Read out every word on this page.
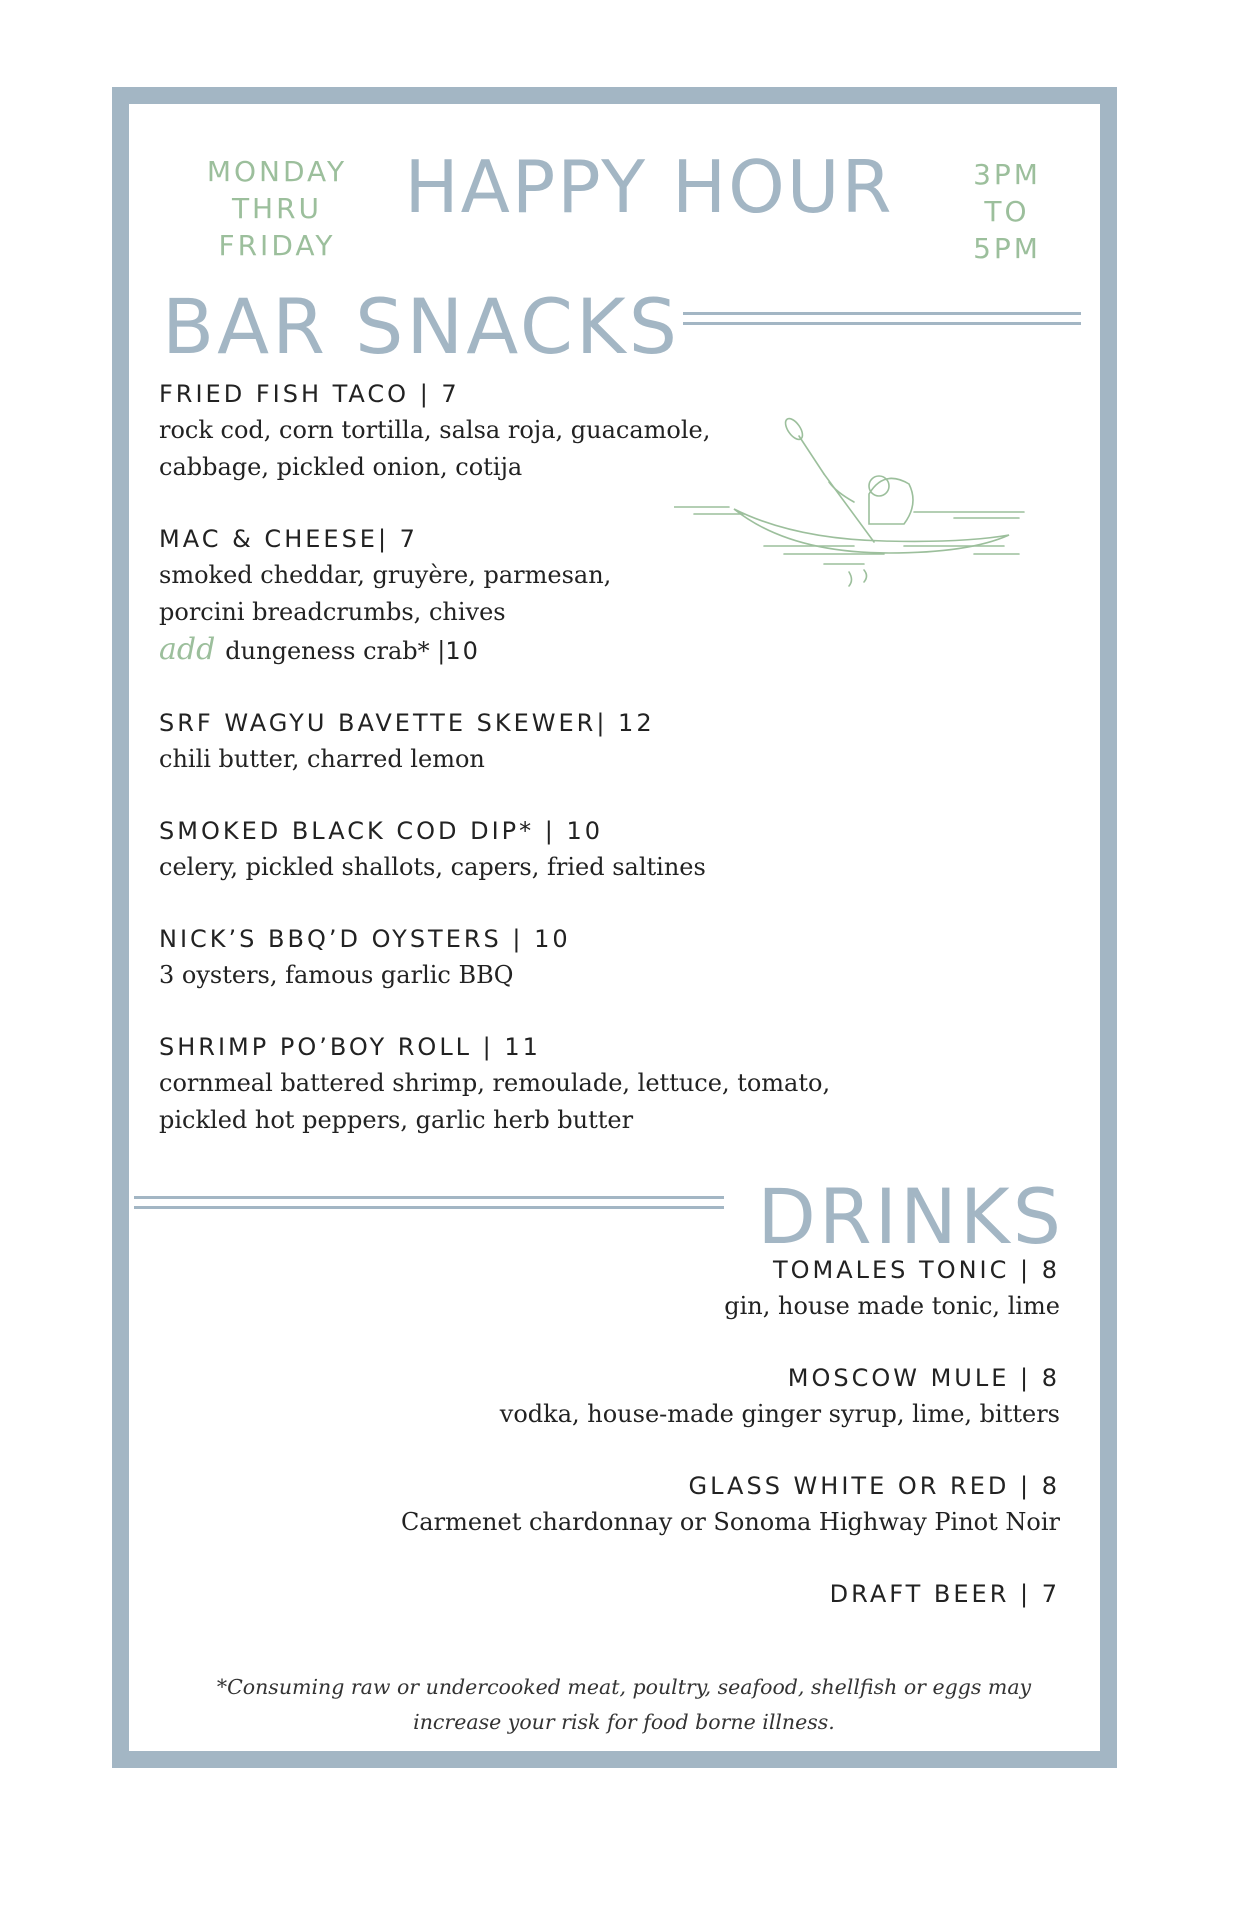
MONDAY
THRU
FRIDAY
HAPPY HOUR	3PM
TO
5PM
BAR SNACKS
FRIED FISH TACO | 7
rock cod, corn tortilla, salsa roja, guacamole,
cabbage, pickled onion, cotija
MAC & CHEESE| 7
smoked cheddar, gruyère, parmesan,
porcini breadcrumbs, chives
add dungeness crab* |10
SRF WAGYU BAVETTE SKEWER| 12
chili butter, charred lemon
SMOKED BLACK COD DIP* | 10
celery, pickled shallots, capers, fried saltines
NICK’S BBQ’D OYSTERS | 10
3 oysters, famous garlic BBQ
SHRIMP PO’BOY ROLL | 11
cornmeal battered shrimp, remoulade, lettuce, tomato,
pickled hot peppers, garlic herb butter
DRINKS
TOMALES TONIC | 8
gin, house made tonic, lime
MOSCOW MULE | 8
vodka, house-made ginger syrup, lime, bitters
GLASS WHITE OR RED | 8
Carmenet chardonnay or Sonoma Highway Pinot Noir
DRAFT BEER | 7
*Consuming raw or undercooked meat, poultry, seafood, shellfish or eggs may
increase your risk for food borne illness.
